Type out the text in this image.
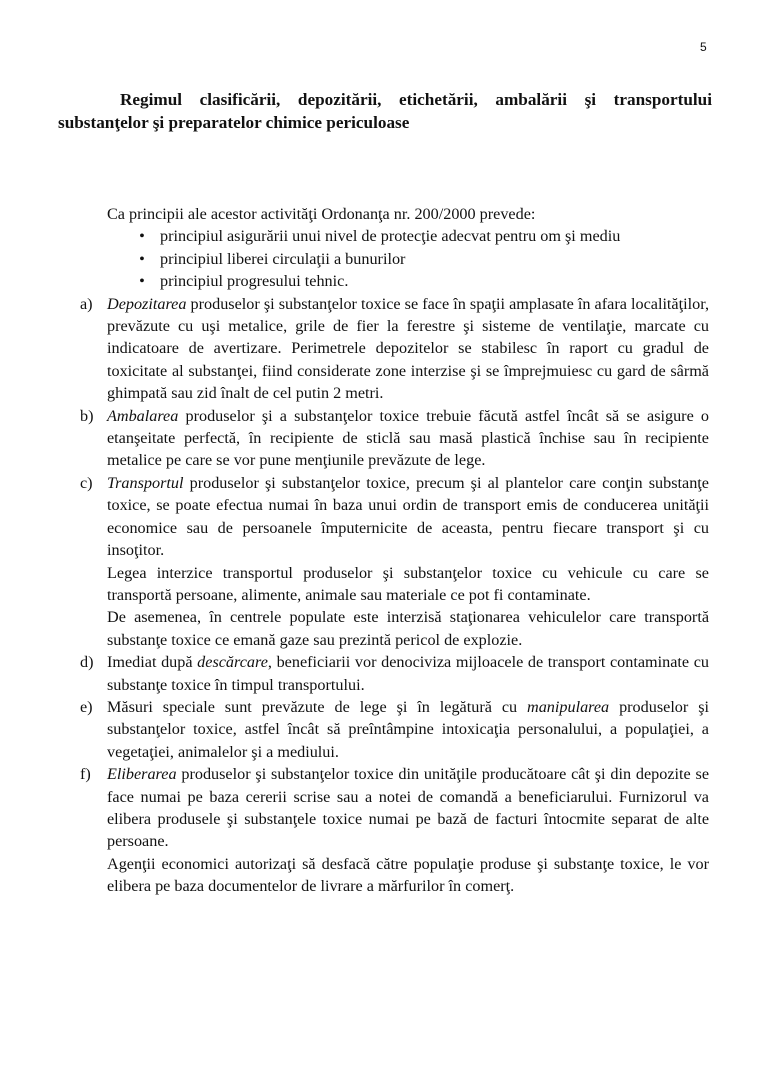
5
Regimul clasificării, depozitării, etichetării, ambalării şi transportului substanţelor şi preparatelor chimice periculoase
Ca principii ale acestor activităţi Ordonanţa nr. 200/2000 prevede:
• principiul asigurării unui nivel de protecţie adecvat pentru om şi mediu
• principiul liberei circulaţii a bunurilor
• principiul progresului tehnic.
a) Depozitarea produselor şi substanţelor toxice se face în spaţii amplasate în afara localităţilor, prevăzute cu uşi metalice, grile de fier la ferestre şi sisteme de ventilaţie, marcate cu indicatoare de avertizare. Perimetrele depozitelor se stabilesc în raport cu gradul de toxicitate al substanţei, fiind considerate zone interzise şi se împrejmuiesc cu gard de sârmă ghimpată sau zid înalt de cel putin 2 metri.

b) Ambalarea produselor şi a substanţelor toxice trebuie făcută astfel încât să se asigure o etanşeitate perfectă, în recipiente de sticlă sau masă plastică închise sau în recipiente metalice pe care se vor pune menţiunile prevăzute de lege.

c) Transportul produselor şi substanţelor toxice, precum şi al plantelor care conţin substanţe toxice, se poate efectua numai în baza unui ordin de transport emis de conducerea unităţii economice sau de persoanele împuternicite de aceasta, pentru fiecare transport şi cu insoţitor.

Legea interzice transportul produselor şi substanţelor toxice cu vehicule cu care se transportă persoane, alimente, animale sau materiale ce pot fi contaminate.

De asemenea, în centrele populate este interzisă staţionarea vehiculelor care transportă substanţe toxice ce emană gaze sau prezintă pericol de explozie.

d) Imediat după descărcare, beneficiarii vor denociviza mijloacele de transport contaminate cu substanţe toxice în timpul transportului.

e) Măsuri speciale sunt prevăzute de lege şi în legătură cu manipularea produselor şi substanţelor toxice, astfel încât să preîntâmpine intoxicaţia personalului, a populaţiei, a vegetaţiei, animalelor şi a mediului.

f) Eliberarea produselor şi substanţelor toxice din unităţile producătoare cât şi din depozite se face numai pe baza cererii scrise sau a notei de comandă a beneficiarului. Furnizorul va elibera produsele şi substanţele toxice numai pe bază de facturi întocmite separat de alte persoane.

Agenţii economici autorizaţi să desfacă către populaţie produse şi substanţe toxice, le vor elibera pe baza documentelor de livrare a mărfurilor în comerţ.
